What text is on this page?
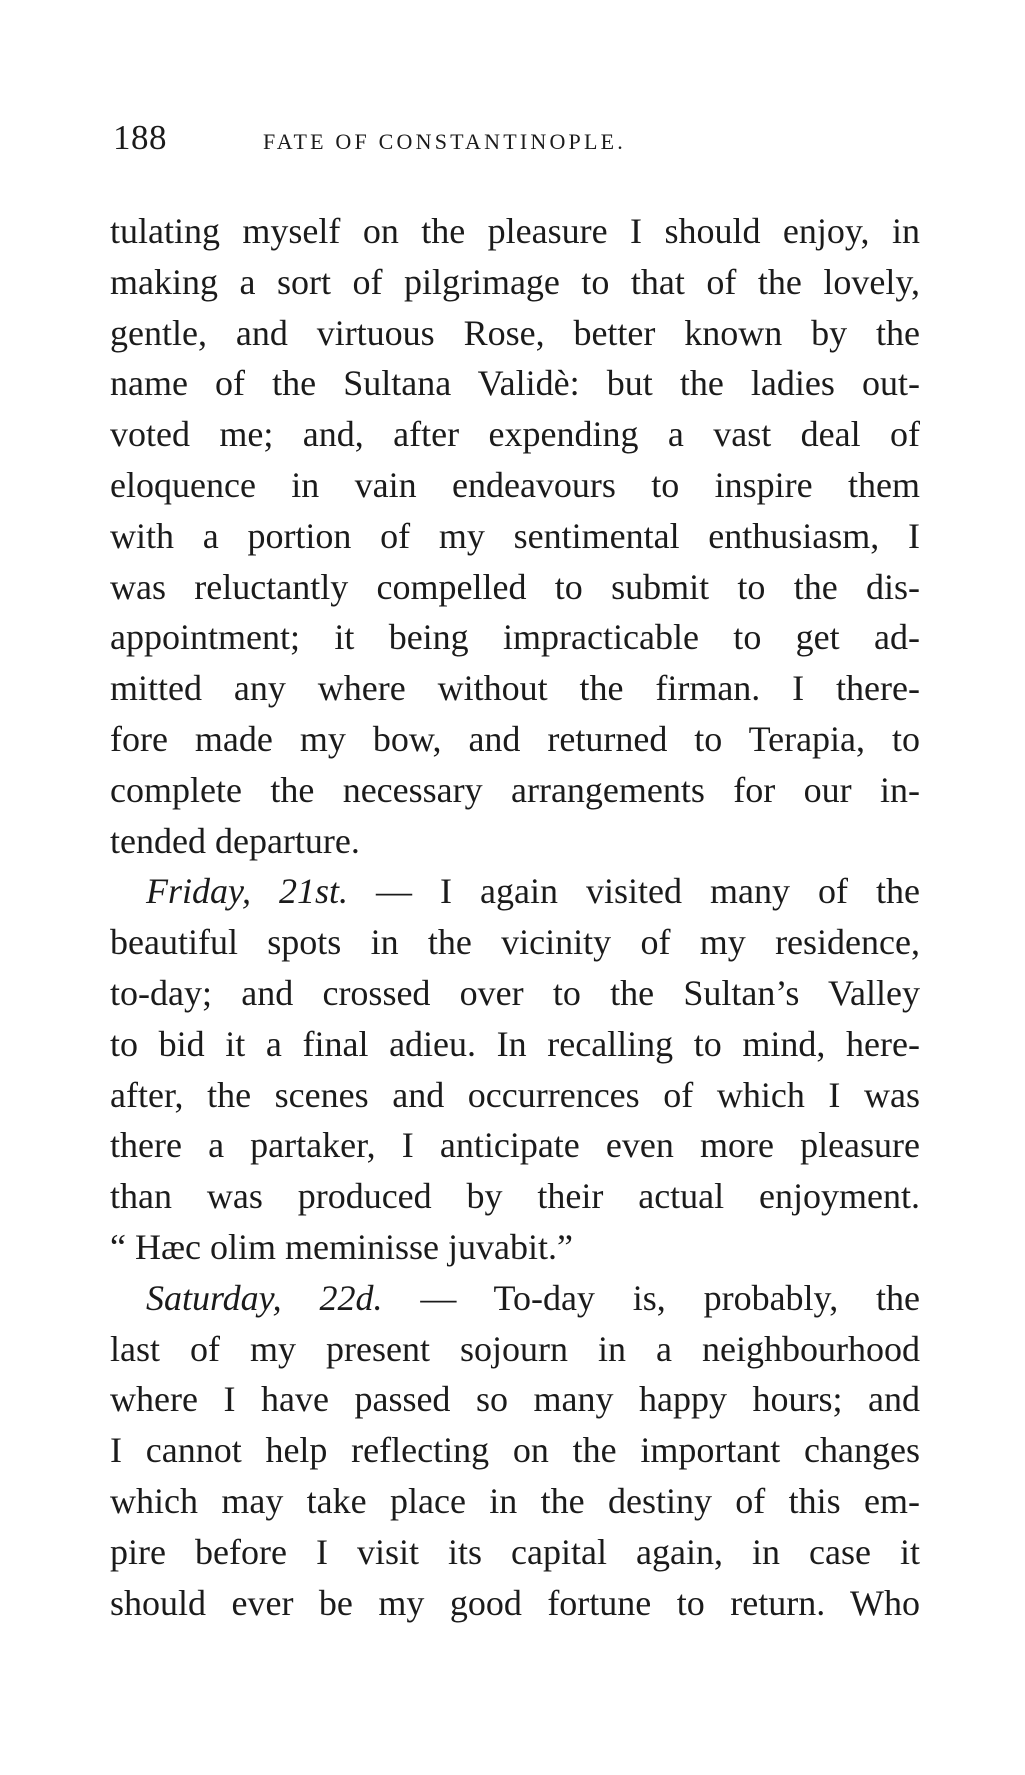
188	FATE OF CONSTANTINOPLE.
tulating myself on the pleasure I should enjoy, in
making a sort of pilgrimage to that of the lovely,
gentle, and virtuous Rose, better known by the
name of the Sultana Validè: but the ladies out-
voted me; and, after expending a vast deal of
eloquence in vain endeavours to inspire them
with a portion of my sentimental enthusiasm, I
was reluctantly compelled to submit to the dis-
appointment; it being impracticable to get ad-
mitted any where without the firman. I there-
fore made my bow, and returned to Terapia, to
complete the necessary arrangements for our in-
tended departure.
Friday, 21st. — I again visited many of the
beautiful spots in the vicinity of my residence,
to-day; and crossed over to the Sultan’s Valley
to bid it a final adieu. In recalling to mind, here-
after, the scenes and occurrences of which I was
there a partaker, I anticipate even more pleasure
than was produced by their actual enjoyment.
“ Hæc olim meminisse juvabit.”
Saturday, 22d. — To-day is, probably, the
last of my present sojourn in a neighbourhood
where I have passed so many happy hours; and
I cannot help reflecting on the important changes
which may take place in the destiny of this em-
pire before I visit its capital again, in case it
should ever be my good fortune to return. Who
